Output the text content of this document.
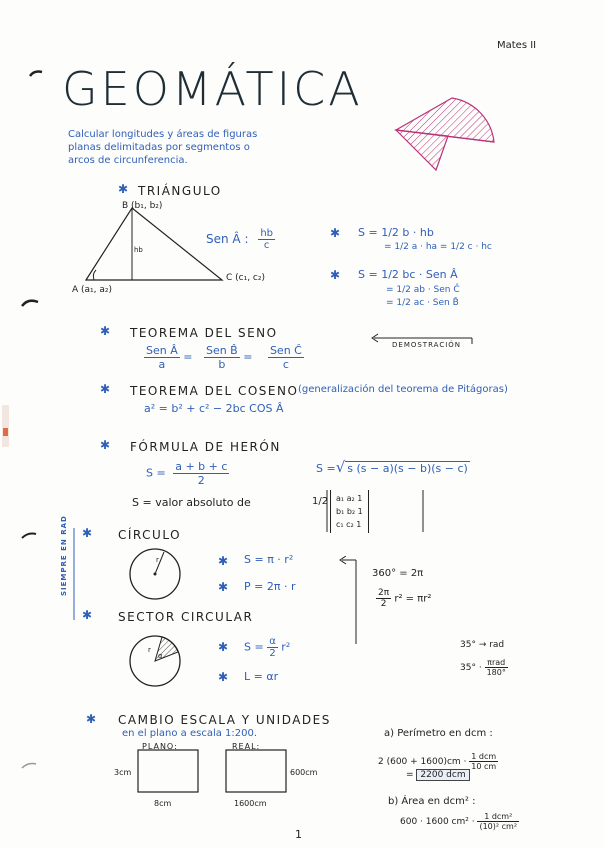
Mates II
GEOMÁTICA
Calcular longitudes y áreas de figuras
planas delimitadas por segmentos o
arcos de circunferencia.
✱ TRIÁNGULO
B (b₁, b₂)
hb
A (a₁, a₂)
C (c₁, c₂)
Sen Â : $\frac{hb}{c}$	✱ S = 1/2 b · hb
= 1/2 a · ha = 1/2 c · hc
✱ S = 1/2 bc · Sen Â
= 1/2 ab · Sen Ĉ
= 1/2 ac · Sen B̂
✱ TEOREMA DEL SENO
DEMOSTRACIÓN
$\frac{\text{Sen Â}}{a} = \frac{\text{Sen B̂}}{b} = \frac{\text{Sen Ĉ}}{c}$
✱ TEOREMA DEL COSENO (generalización del teorema de Pitágoras)
a² = b² + c² − 2bc COS Â
✱ FÓRMULA DE HERÓN
$S = \frac{a + b + c}{2}$	S =√ s (s − a)(s − b)(s − c)
S = valor absoluto de	1/2 a₁ a₂ 1
b₁ b₂ 1
c₁ c₂ 1
SIEMPRE EN RAD ✱ CÍRCULO
r	✱ S = π · r²
✱ P = 2π · r
360° = 2π
$\frac{2\pi}{2} r^2 = \pi r^2$
✱ SECTOR CIRCULAR
r
α
✱ $S = \frac{\alpha}{2} r^2$
✱ L = αr
35° → rad
$35^\circ \cdot \frac{\text{πrad}}{180^\circ}$
✱ CAMBIO ESCALA Y UNIDADES
en el plano a escala 1:200.
PLANO:	REAL:
3cm
8cm
600cm
1600cm
a) Perímetro en dcm :
2 $(600 + 1600)cm \cdot \frac{\text{1 dcm}}{10 cm}$
= 2200 dcm
b) Área en dcm² :
600 · 1600 $cm^2 \cdot \frac{\text{1 dcm²}}{\text{(10)² cm²}}$
1
